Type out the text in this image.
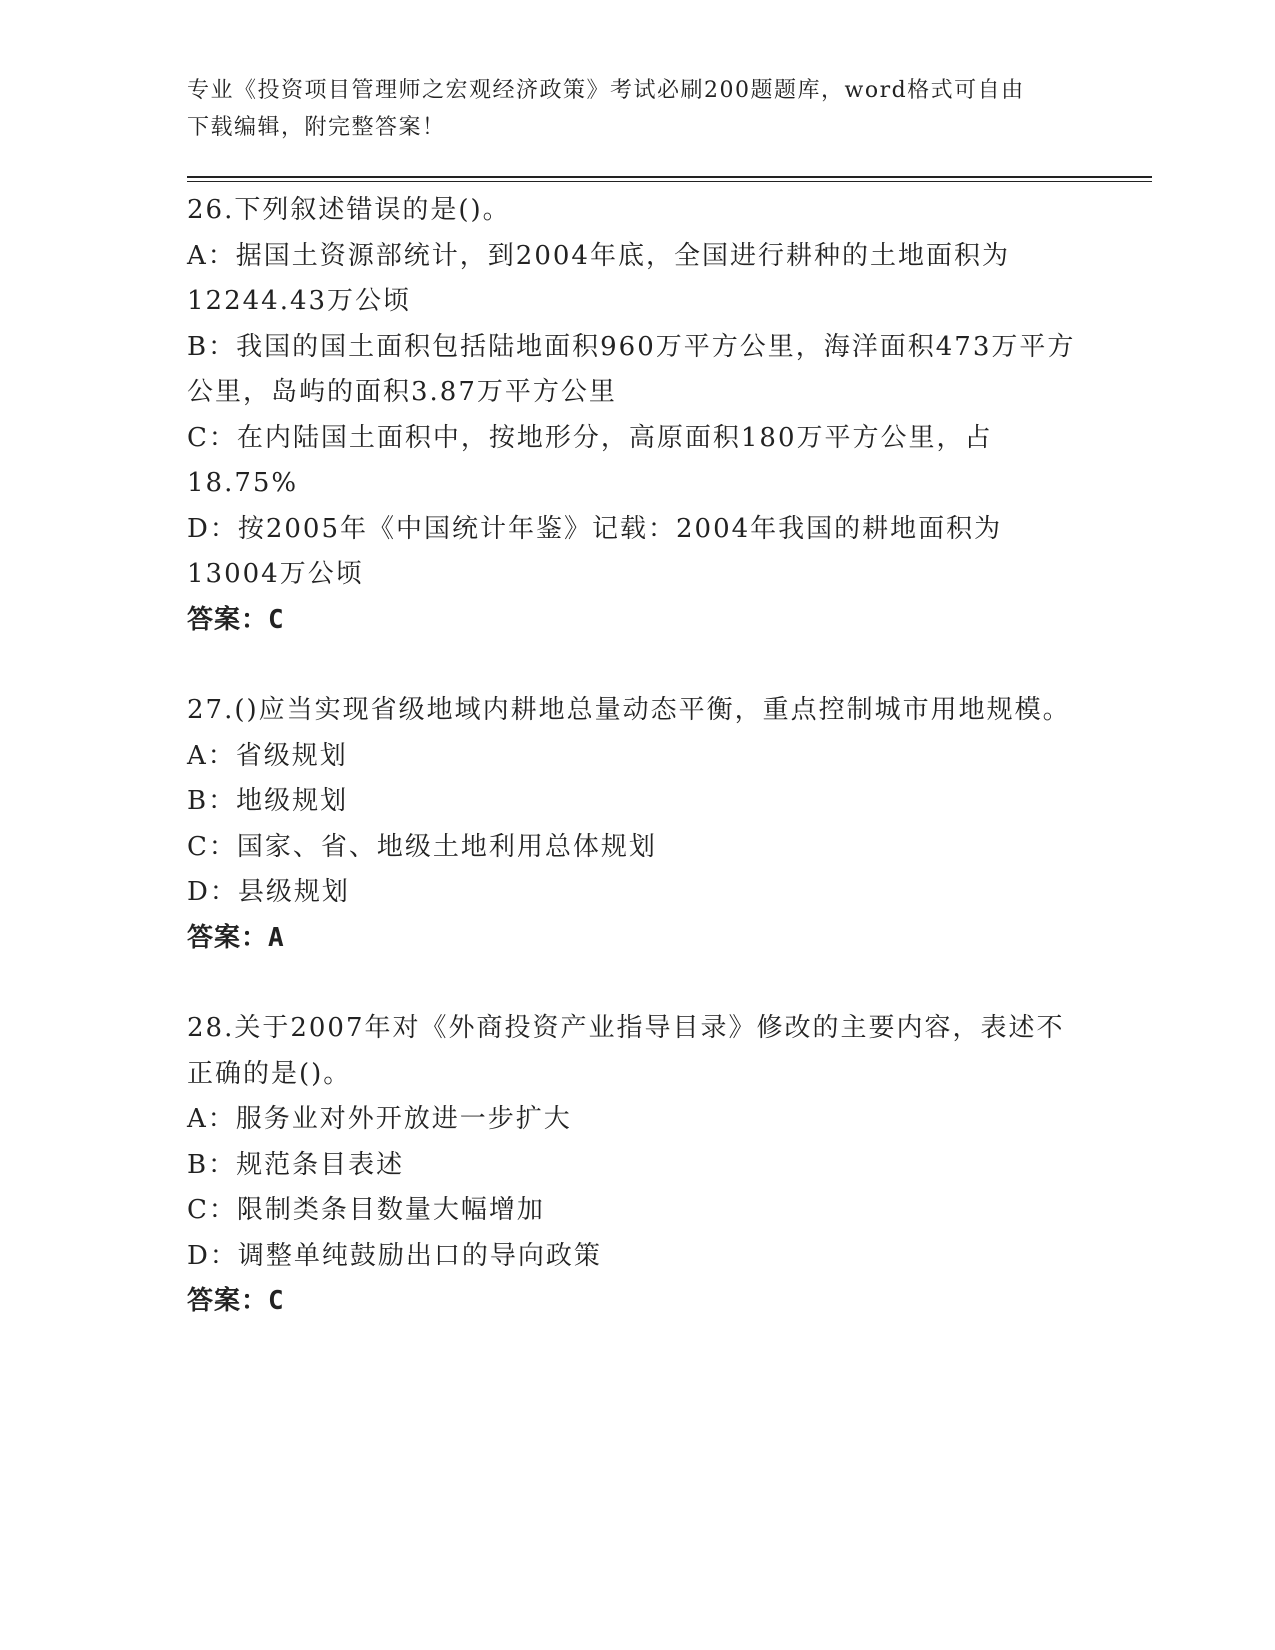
专业《投资项目管理师之宏观经济政策》考试必刷200题题库，word格式可自由
下载编辑，附完整答案！
26.下列叙述错误的是()。
A：据国土资源部统计，到2004年底，全国进行耕种的土地面积为12244.43万公顷
B：我国的国土面积包括陆地面积960万平方公里，海洋面积473万平方公里，岛屿的面积3.87万平方公里
C：在内陆国土面积中，按地形分，高原面积180万平方公里，占18.75%
D：按2005年《中国统计年鉴》记载：2004年我国的耕地面积为13004万公顷
答案：C
27.()应当实现省级地域内耕地总量动态平衡，重点控制城市用地规模。
A：省级规划
B：地级规划
C：国家、省、地级土地利用总体规划
D：县级规划
答案：A
28.关于2007年对《外商投资产业指导目录》修改的主要内容，表述不正确的是()。
A：服务业对外开放进一步扩大
B：规范条目表述
C：限制类条目数量大幅增加
D：调整单纯鼓励出口的导向政策
答案：C
